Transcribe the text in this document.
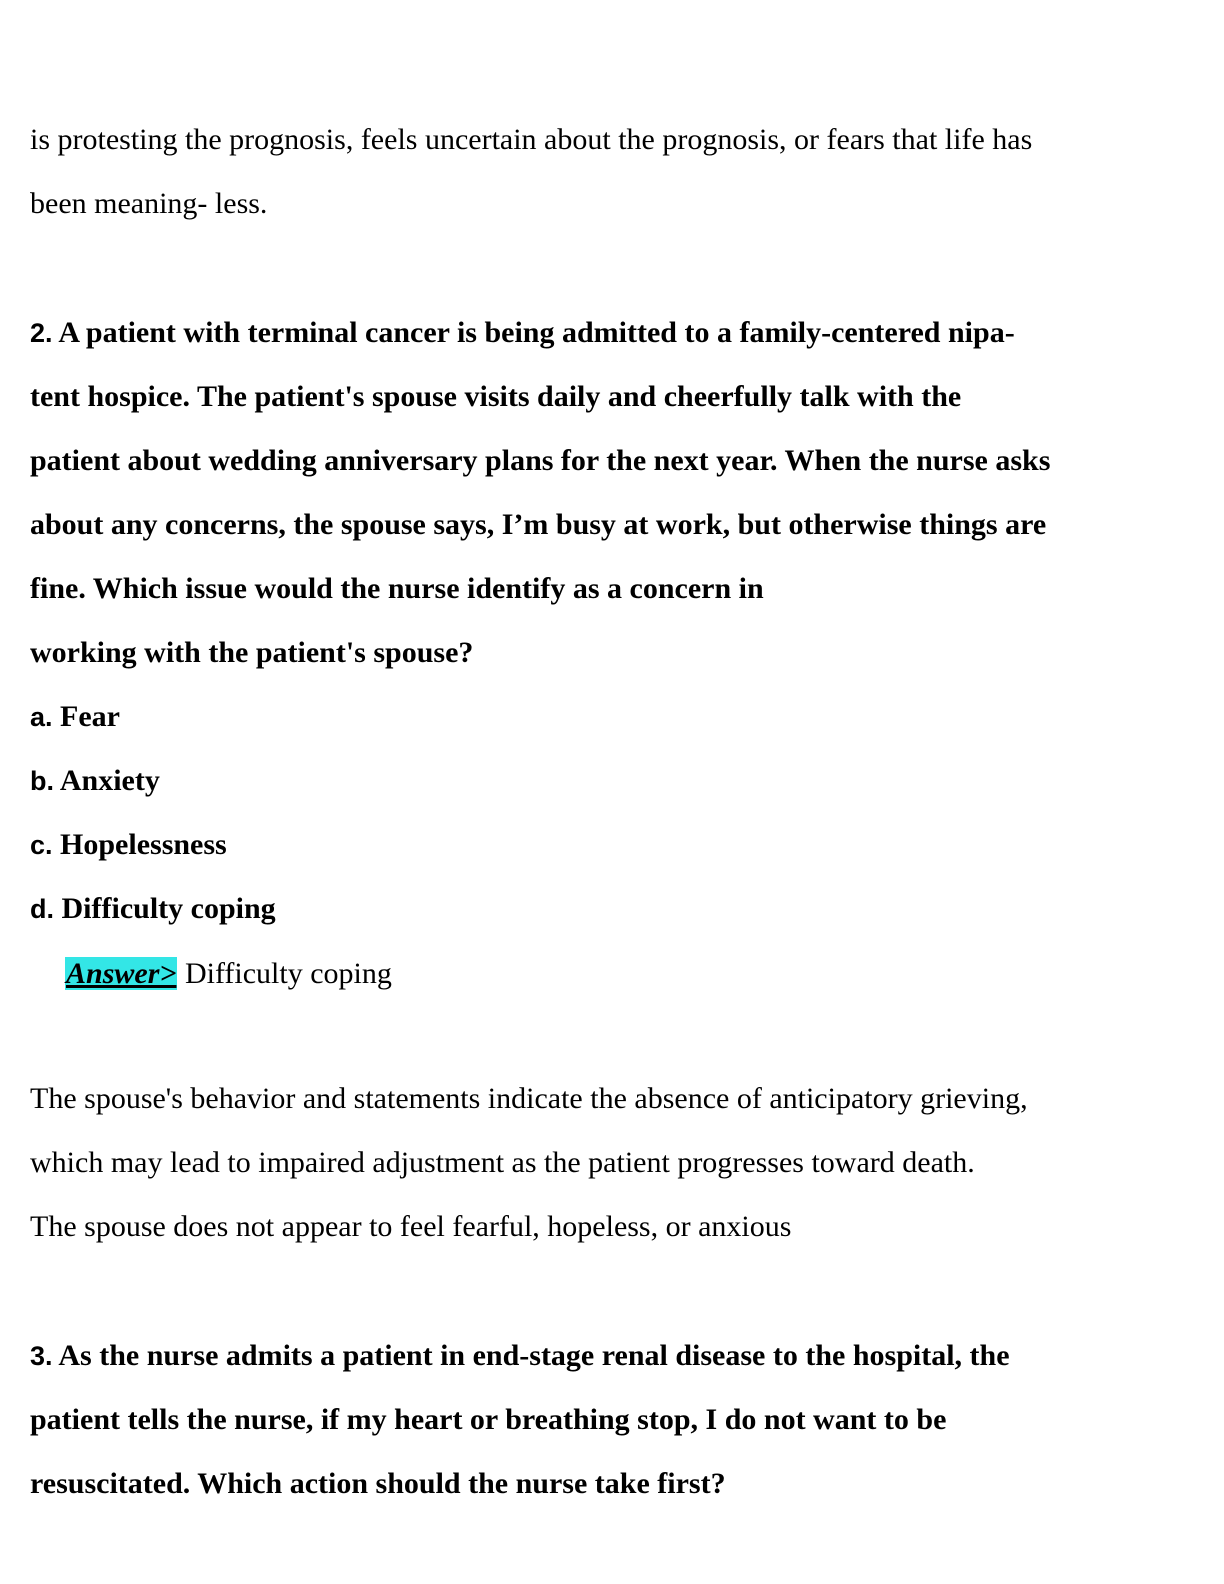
is protesting the prognosis, feels uncertain about the prognosis, or fears that life has
been meaning- less.
2. A patient with terminal cancer is being admitted to a family-centered nipa-
tent hospice. The patient's spouse visits daily and cheerfully talk with the
patient about wedding anniversary plans for the next year. When the nurse asks
about any concerns, the spouse says, I’m busy at work, but otherwise things are
fine. Which issue would the nurse identify as a concern in
working with the patient's spouse?
a. Fear
b. Anxiety
c. Hopelessness
d. Difficulty coping
Answer> Difficulty coping
The spouse's behavior and statements indicate the absence of anticipatory grieving,
which may lead to impaired adjustment as the patient progresses toward death.
The spouse does not appear to feel fearful, hopeless, or anxious
3. As the nurse admits a patient in end-stage renal disease to the hospital, the
patient tells the nurse, if my heart or breathing stop, I do not want to be
resuscitated. Which action should the nurse take first?
